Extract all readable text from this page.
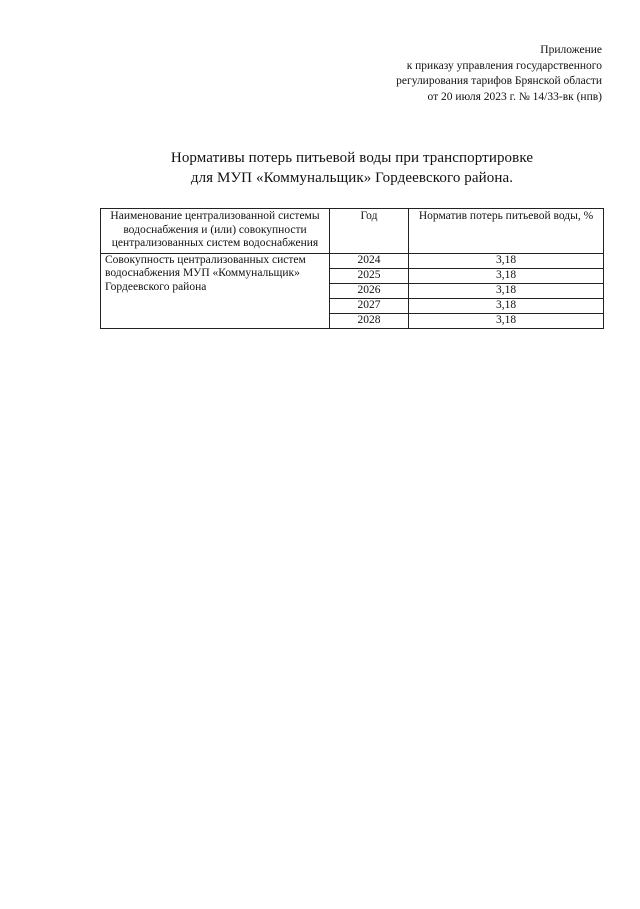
Приложение
к приказу управления государственного
регулирования тарифов Брянской области
от 20 июля 2023 г. № 14/33-вк (нпв)
Нормативы потерь питьевой воды при транспортировке
для МУП «Коммунальщик» Гордеевского района.
Наименование централизованной системы водоснабжения и (или) совокупности централизованных систем водоснабжения	Год	Норматив потерь питьевой воды, %
Совокупность централизованных систем водоснабжения МУП «Коммунальщик» Гордеевского района	2024	3,18
	2025	3,18
	2026	3,18
	2027	3,18
	2028	3,18
